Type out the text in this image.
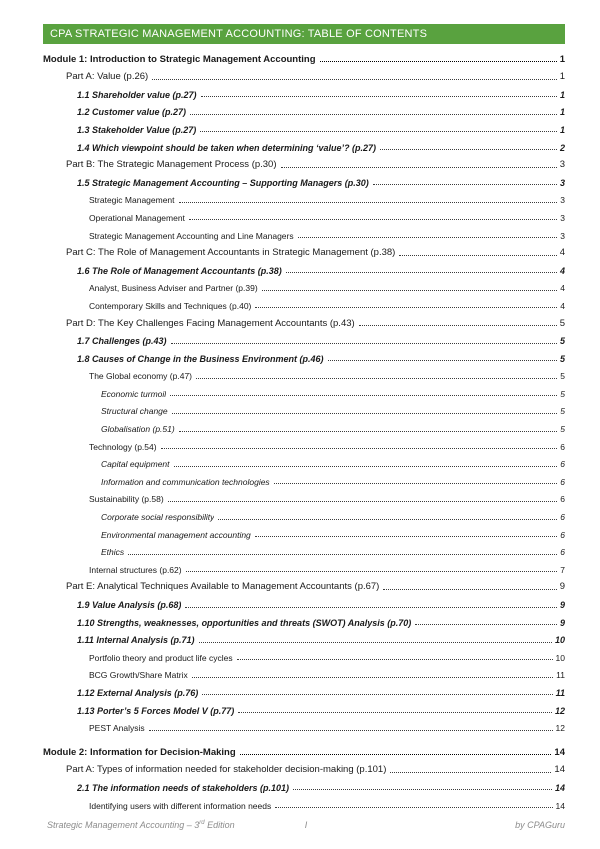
CPA STRATEGIC MANAGEMENT ACCOUNTING: TABLE OF CONTENTS
Module 1: Introduction to Strategic Management Accounting	1
Part A: Value (p.26)	1
1.1 Shareholder value (p.27)	1
1.2 Customer value (p.27)	1
1.3 Stakeholder Value (p.27)	1
1.4 Which viewpoint should be taken when determining ‘value’? (p.27)	2
Part B: The Strategic Management Process (p.30)	3
1.5 Strategic Management Accounting – Supporting Managers (p.30)	3
Strategic Management	3
Operational Management	3
Strategic Management Accounting and Line Managers	3
Part C: The Role of Management Accountants in Strategic Management (p.38)	4
1.6 The Role of Management Accountants (p.38)	4
Analyst, Business Adviser and Partner (p.39)	4
Contemporary Skills and Techniques (p.40)	4
Part D: The Key Challenges Facing Management Accountants (p.43)	5
1.7 Challenges (p.43)	5
1.8 Causes of Change in the Business Environment (p.46)	5
The Global economy (p.47)	5
Economic turmoil	5
Structural change	5
Globalisation (p.51)	5
Technology (p.54)	6
Capital equipment	6
Information and communication technologies	6
Sustainability (p.58)	6
Corporate social responsibility	6
Environmental management accounting	6
Ethics	6
Internal structures (p.62)	7
Part E: Analytical Techniques Available to Management Accountants (p.67)	9
1.9 Value Analysis (p.68)	9
1.10 Strengths, weaknesses, opportunities and threats (SWOT) Analysis (p.70)	9
1.11 Internal Analysis (p.71)	10
Portfolio theory and product life cycles	10
BCG Growth/Share Matrix	11
1.12 External Analysis (p.76)	11
1.13 Porter’s 5 Forces Model V (p.77)	12
PEST Analysis	12
Module 2: Information for Decision-Making	14
Part A: Types of information needed for stakeholder decision-making (p.101)	14
2.1 The information needs of stakeholders (p.101)	14
Identifying users with different information needs	14
Strategic Management Accounting – 3rd Edition	I	by CPAGuru
